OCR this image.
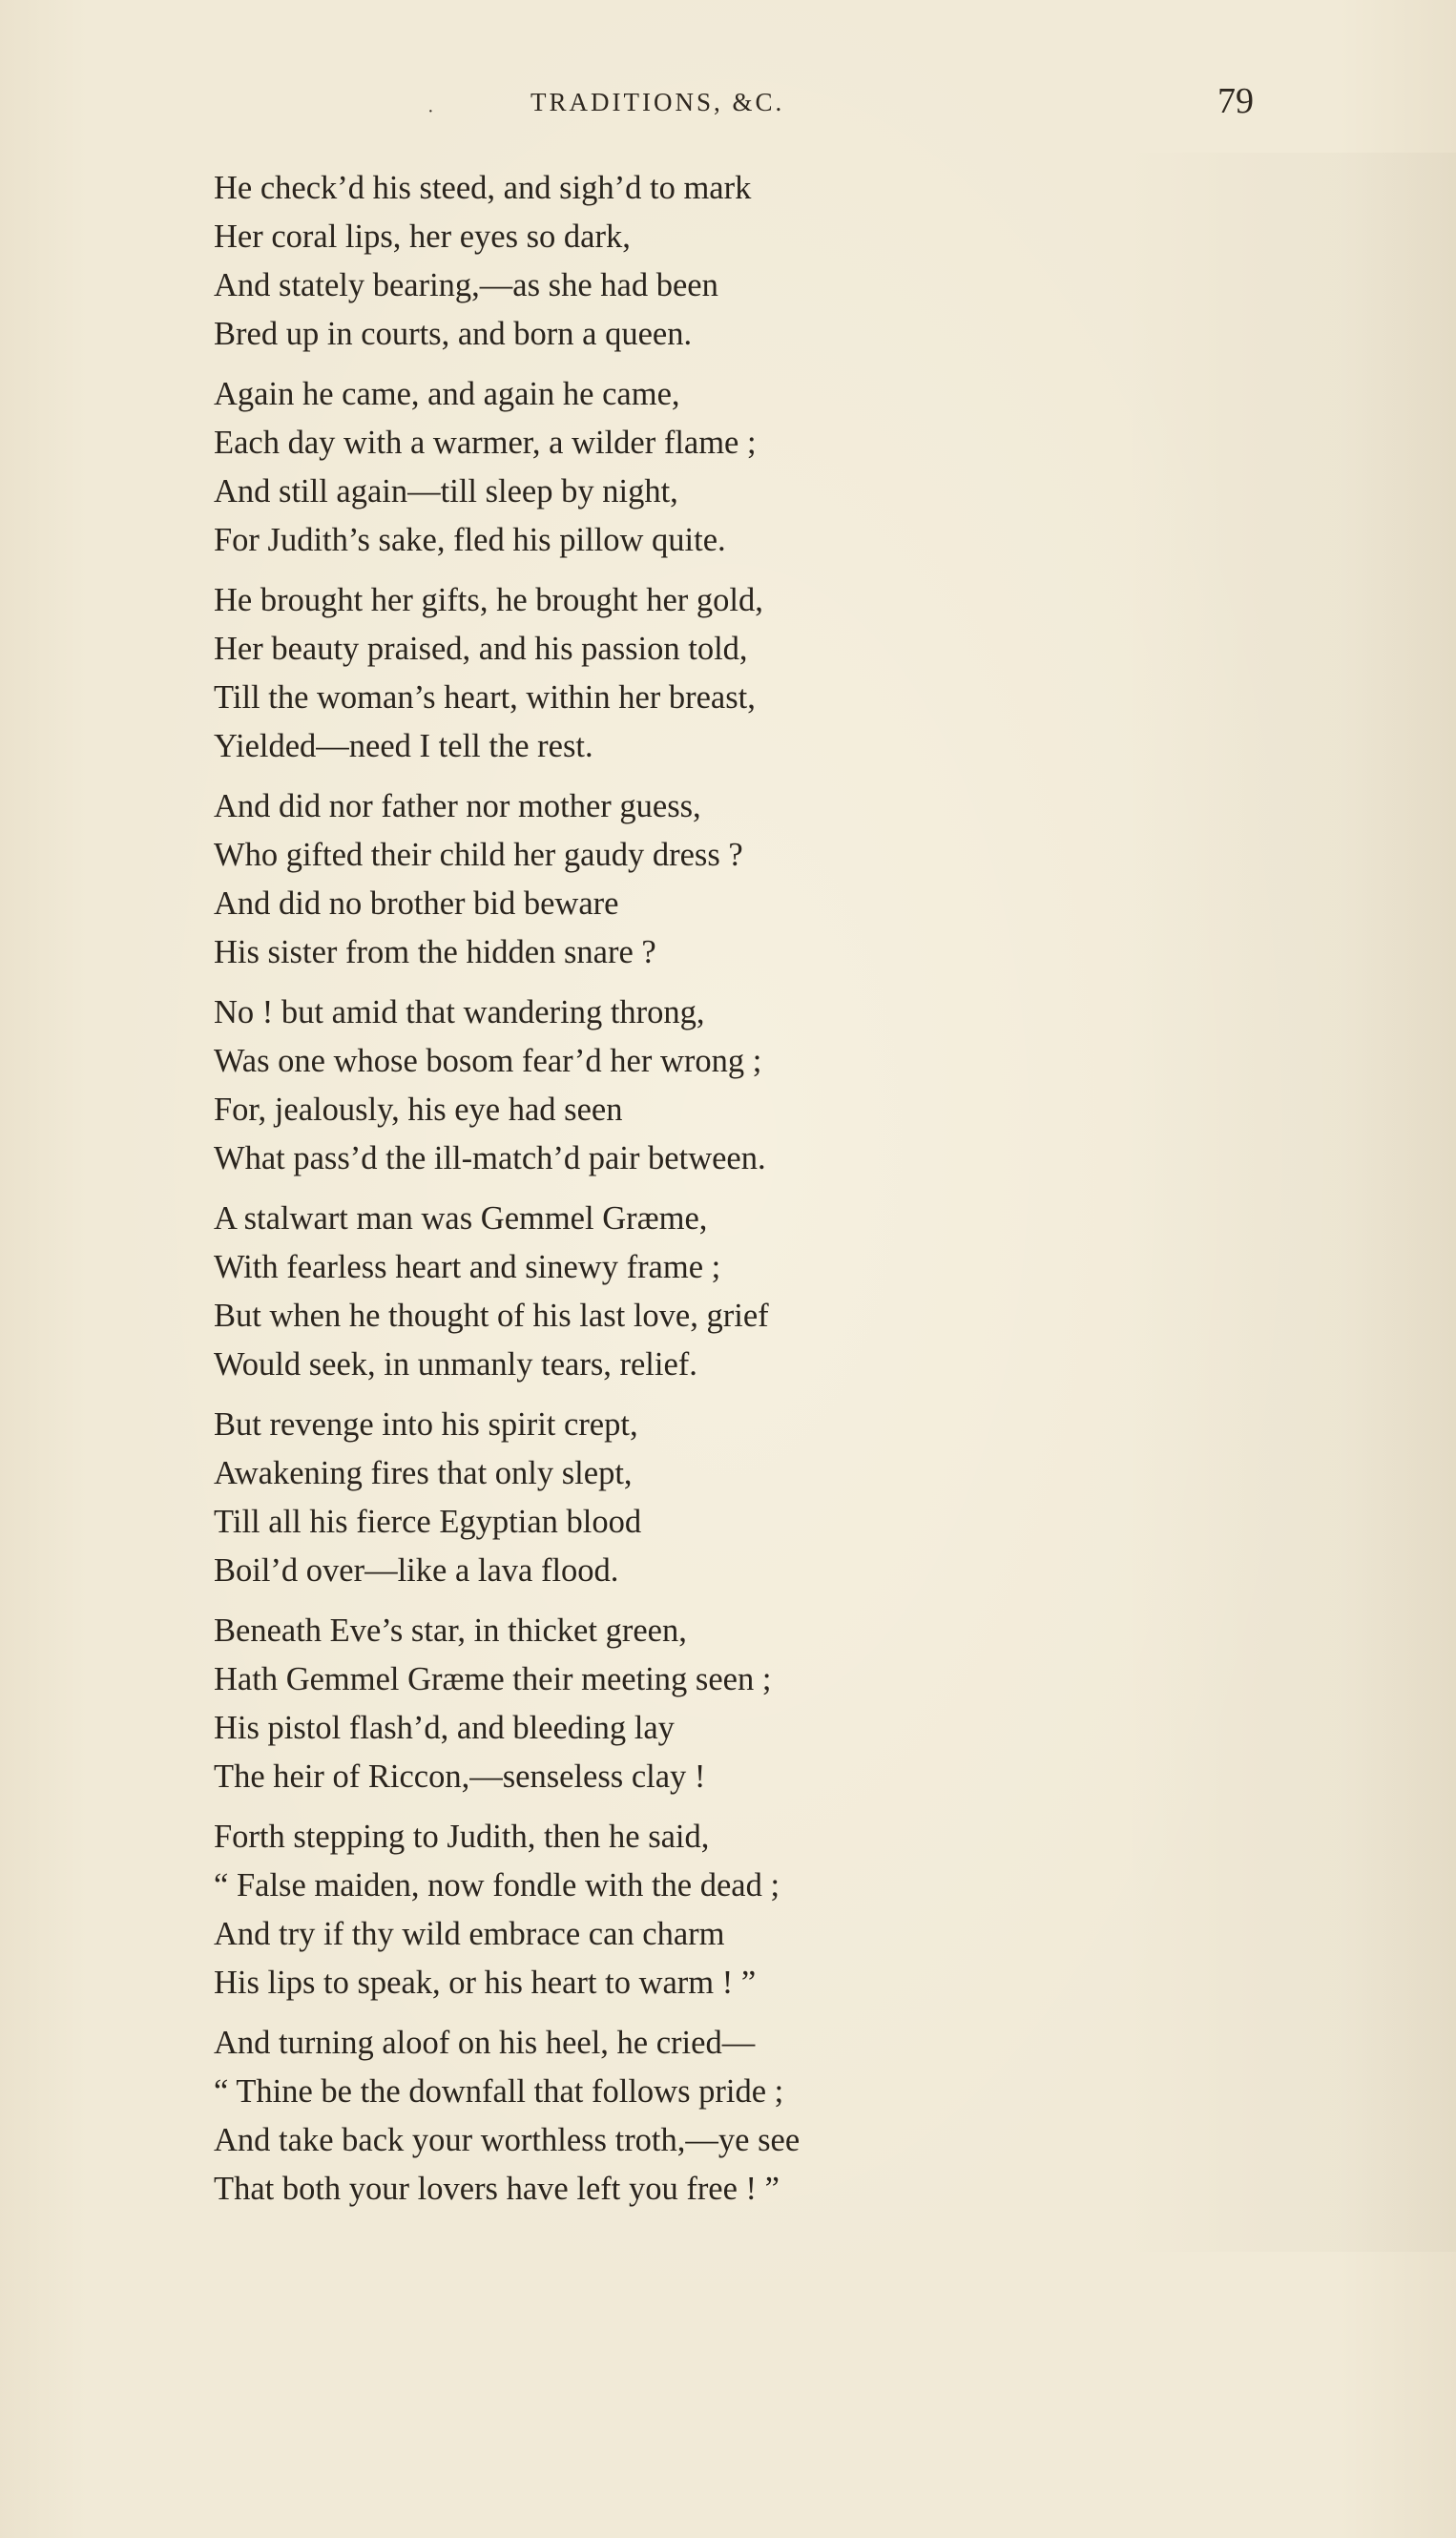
·	TRADITIONS, &C.	79
He check’d his steed, and sigh’d to mark
Her coral lips, her eyes so dark,
And stately bearing,—as she had been
Bred up in courts, and born a queen.
Again he came, and again he came,
Each day with a warmer, a wilder flame ;
And still again—till sleep by night,
For Judith’s sake, fled his pillow quite.
He brought her gifts, he brought her gold,
Her beauty praised, and his passion told,
Till the woman’s heart, within her breast,
Yielded—need I tell the rest.
And did nor father nor mother guess,
Who gifted their child her gaudy dress ?
And did no brother bid beware
His sister from the hidden snare ?
No ! but amid that wandering throng,
Was one whose bosom fear’d her wrong ;
For, jealously, his eye had seen
What pass’d the ill-match’d pair between.
A stalwart man was Gemmel Græme,
With fearless heart and sinewy frame ;
But when he thought of his last love, grief
Would seek, in unmanly tears, relief.
But revenge into his spirit crept,
Awakening fires that only slept,
Till all his fierce Egyptian blood
Boil’d over—like a lava flood.
Beneath Eve’s star, in thicket green,
Hath Gemmel Græme their meeting seen ;
His pistol flash’d, and bleeding lay
The heir of Riccon,—senseless clay !
Forth stepping to Judith, then he said,
“ False maiden, now fondle with the dead ;
And try if thy wild embrace can charm
His lips to speak, or his heart to warm ! ”
And turning aloof on his heel, he cried—
“ Thine be the downfall that follows pride ;
And take back your worthless troth,—ye see
That both your lovers have left you free ! ”
